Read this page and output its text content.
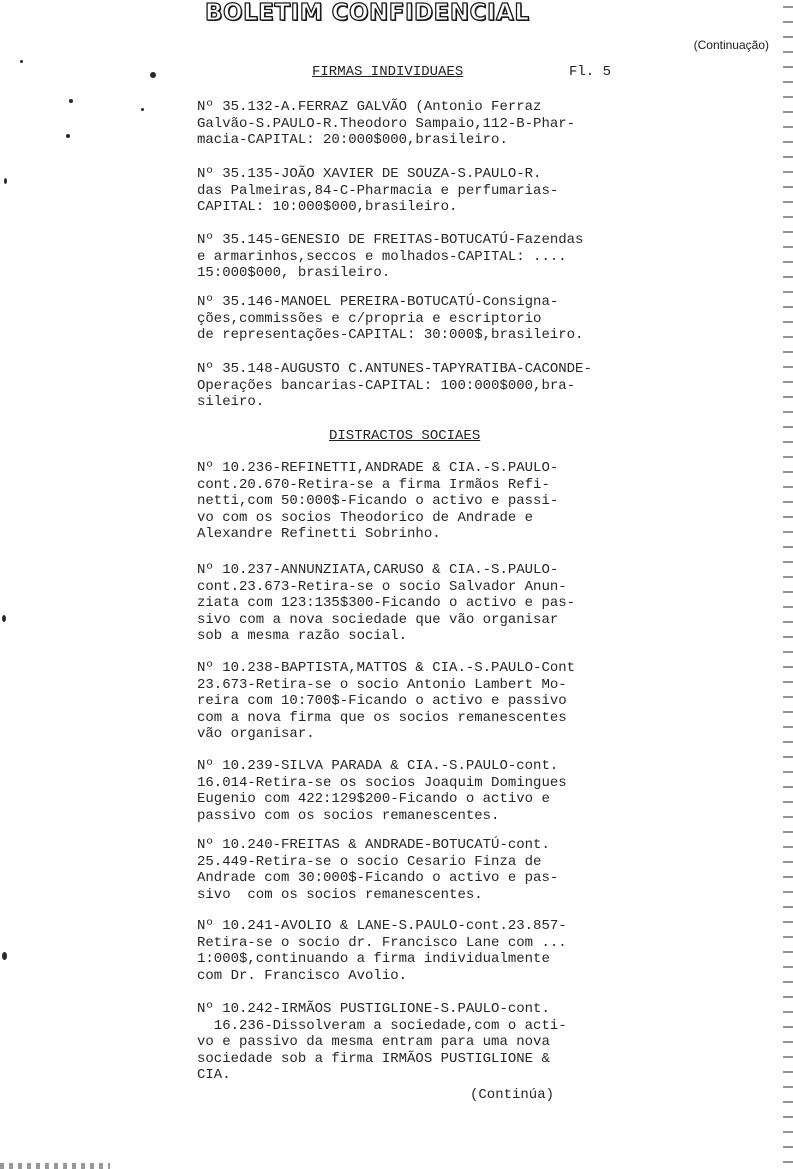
BOLETIM CONFIDENCIAL
(Continuação)
FIRMAS INDIVIDUAES	Fl. 5
Nº 35.132-A.FERRAZ GALVÃO (Antonio Ferraz
Galvão-S.PAULO-R.Theodoro Sampaio,112-B-Phar-
macia-CAPITAL: 20:000$000,brasileiro.
Nº 35.135-JOÃO XAVIER DE SOUZA-S.PAULO-R.
das Palmeiras,84-C-Pharmacia e perfumarias-
CAPITAL: 10:000$000,brasileiro.
Nº 35.145-GENESIO DE FREITAS-BOTUCATÚ-Fazendas
e armarinhos,seccos e molhados-CAPITAL: ....
15:000$000, brasileiro.
Nº 35.146-MANOEL PEREIRA-BOTUCATÚ-Consigna-
ções,commissões e c/propria e escriptorio
de representações-CAPITAL: 30:000$,brasileiro.
Nº 35.148-AUGUSTO C.ANTUNES-TAPYRATIBA-CACONDE-
Operações bancarias-CAPITAL: 100:000$000,bra-
sileiro.
DISTRACTOS SOCIAES
Nº 10.236-REFINETTI,ANDRADE & CIA.-S.PAULO-
cont.20.670-Retira-se a firma Irmãos Refi-
netti,com 50:000$-Ficando o activo e passi-
vo com os socios Theodorico de Andrade e
Alexandre Refinetti Sobrinho.
Nº 10.237-ANNUNZIATA,CARUSO & CIA.-S.PAULO-
cont.23.673-Retira-se o socio Salvador Anun-
ziata com 123:135$300-Ficando o activo e pas-
sivo com a nova sociedade que vão organisar
sob a mesma razão social.
Nº 10.238-BAPTISTA,MATTOS & CIA.-S.PAULO-Cont
23.673-Retira-se o socio Antonio Lambert Mo-
reira com 10:700$-Ficando o activo e passivo
com a nova firma que os socios remanescentes
vão organisar.
Nº 10.239-SILVA PARADA & CIA.-S.PAULO-cont.
16.014-Retira-se os socios Joaquim Domingues
Eugenio com 422:129$200-Ficando o activo e
passivo com os socios remanescentes.
Nº 10.240-FREITAS & ANDRADE-BOTUCATÚ-cont.
25.449-Retira-se o socio Cesario Finza de
Andrade com 30:000$-Ficando o activo e pas-
sivo  com os socios remanescentes.
Nº 10.241-AVOLIO & LANE-S.PAULO-cont.23.857-
Retira-se o socio dr. Francisco Lane com ...
1:000$,continuando a firma individualmente
com Dr. Francisco Avolio.
Nº 10.242-IRMÃOS PUSTIGLIONE-S.PAULO-cont.
16.236-Dissolveram a sociedade,com o acti-
vo e passivo da mesma entram para uma nova
sociedade sob a firma IRMÃOS PUSTIGLIONE &
CIA.
(Continúa)
